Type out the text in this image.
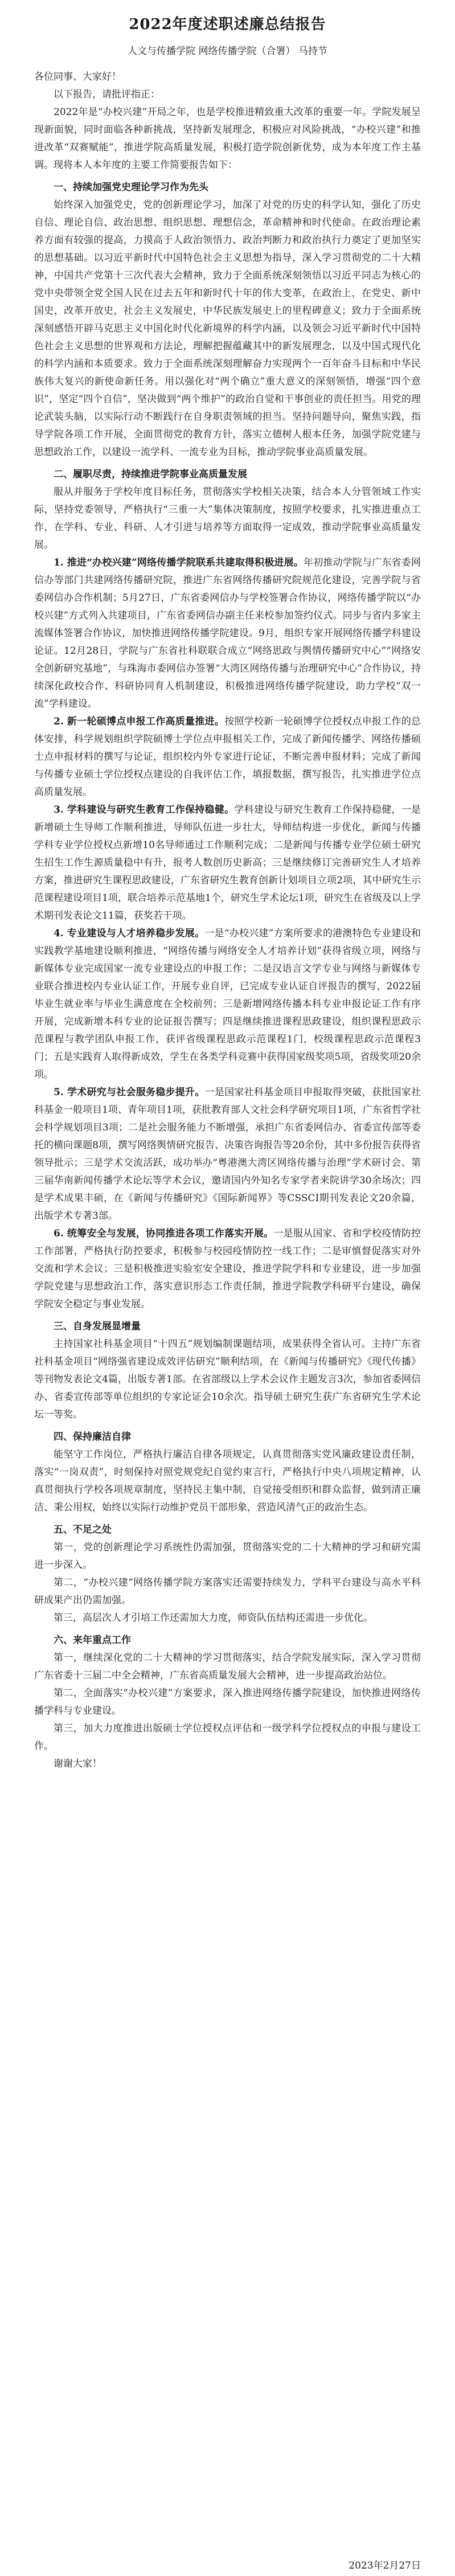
2022年度述职述廉总结报告
人文与传播学院 网络传播学院（合署） 马持节
各位同事、大家好！

以下报告，请批评指正：

2022年是“办校兴建”开局之年，也是学校推进精致重大改革的重要一年。学院发展呈现新面貌，同时面临各种新挑战，坚持新发展理念，积极应对风险挑战，“办校兴建”和推进改革“双赛赋能”，推进学院高质量发展，积极打造学院创新优势，成为本年度工作主基调。现将本人本年度的主要工作简要报告如下：

一、持续加强党史理论学习作为先头

始终深入加强党史，党的创新理论学习，加深了对党的历史的科学认知，强化了历史自信、理论自信、政治思想、组织思想、理想信念，革命精神和时代使命。在政治理论素养方面有较强的提高，力摸高于人政治领悟力、政治判断力和政治执行力奠定了更加坚实的思想基础。以习近平新时代中国特色社会主义思想为指导，深入学习贯彻党的二十大精神，中国共产党第十三次代表大会精神，致力于全面系统深刻领悟以习近平同志为核心的党中央带领全党全国人民在过去五年和新时代十年的伟大变革，在政治上，在党史、新中国史，改革开放史，社会主义发展史，中华民族发展史上的里程碑意义；致力于全面系统深刻感悟开辟马克思主义中国化时代化新境界的科学内涵，以及领会习近平新时代中国特色社会主义思想的世界观和方法论，理解把握蕴藏其中的新发展理念，以及中国式现代化的科学内涵和本质要求。致力于全面系统深刻理解奋力实现两个一百年奋斗目标和中华民族伟大复兴的新使命新任务。用以强化对“两个确立”重大意义的深刻领悟，增强“四个意识”，坚定“四个自信”，坚决做到“两个维护”的政治自觉和干事创业的责任担当。用党的理论武装头脑，以实际行动不断践行在自身职责领域的担当。坚持问题导向，聚焦实践，指导学院各项工作开展，全面贯彻党的教育方针，落实立德树人根本任务，加强学院党建与思想政治工作，以建设一流学科、一流专业为目标，推动学院事业高质量发展。

二、履职尽责，持续推进学院事业高质量发展

服从并服务于学校年度目标任务，贯彻落实学校相关决策，结合本人分管领域工作实际，坚持党委领导，严格执行“三重一大”集体决策制度，按照学校要求，扎实推进重点工作，在学科、专业、科研、人才引进与培养等方面取得一定成效，推动学院事业高质量发展。

1. 推进“办校兴建”网络传播学院联系共建取得积极进展。年初推动学院与广东省委网信办等部门共建网络传播研究院，推进广东省网络传播研究院规范化建设，完善学院与省委网信办合作机制；5月27日，广东省委网信办与学校签署合作协议，网络传播学院以“办校兴建”方式列入共建项目，广东省委网信办副主任来校参加签约仪式。同步与省内多家主流媒体签署合作协议，加快推进网络传播学院建设。9月，组织专家开展网络传播学科建设论证。12月28日，学院与广东省社科联联合成立“网络思政与舆情传播研究中心”“网络安全创新研究基地”，与珠海市委网信办签署“大湾区网络传播与治理研究中心”合作协议，持续深化政校合作、科研协同育人机制建设，积极推进网络传播学院建设，助力学校“双一流”学科建设。

2. 新一轮硕博点申报工作高质量推进。按照学校新一轮硕博学位授权点申报工作的总体安排，科学规划组织学院硕博士学位点申报相关工作，完成了新闻传播学、网络传播硕士点申报材料的撰写与论证，组织校内外专家进行论证，不断完善申报材料；完成了新闻与传播专业硕士学位授权点建设的自我评估工作，填报数据，撰写报告，扎实推进学位点高质量发展。

3. 学科建设与研究生教育工作保持稳健。学科建设与研究生教育工作保持稳健，一是新增硕士生导师工作顺利推进，导师队伍进一步壮大，导师结构进一步优化，新闻与传播学科专业学位授权点新增10名导师通过工作顺利完成；二是新闻与传播专业学位硕士研究生招生工作生源质量稳中有升，报考人数创历史新高；三是继续修订完善研究生人才培养方案，推进研究生课程思政建设，广东省研究生教育创新计划项目立项2项，其中研究生示范课程建设项目1项，联合培养示范基地1个，研究生学术论坛1项，研究生在省级及以上学术期刊发表论文11篇，获奖若干项。

4. 专业建设与人才培养稳步发展。一是“办校兴建”方案所要求的港澳特色专业建设和实践教学基地建设顺利推进，“网络传播与网络安全人才培养计划”获得省级立项，网络与新媒体专业完成国家一流专业建设点的申报工作；二是汉语言文学专业与网络与新媒体专业联合推进校内专业认证工作，开展专业自评，已完成专业认证自评报告的撰写，2022届毕业生就业率与毕业生满意度在全校前列；三是新增网络传播本科专业申报论证工作有序开展，完成新增本科专业的论证报告撰写；四是继续推进课程思政建设，组织课程思政示范课程与教学团队申报工作，获评省级课程思政示范课程1门，校级课程思政示范课程3门；五是实践育人取得新成效，学生在各类学科竞赛中获得国家级奖项5项，省级奖项20余项。

5. 学术研究与社会服务稳步提升。一是国家社科基金项目申报取得突破，获批国家社科基金一般项目1项、青年项目1项，获批教育部人文社会科学研究项目1项，广东省哲学社会科学规划项目3项；二是社会服务能力不断增强，承担广东省委网信办、省委宣传部等委托的横向课题8项，撰写网络舆情研究报告、决策咨询报告等20余份，其中多份报告获得省领导批示；三是学术交流活跃，成功举办“粤港澳大湾区网络传播与治理”学术研讨会、第三届华南新闻传播学术论坛等学术会议，邀请国内外知名专家学者来院讲学30余场次；四是学术成果丰硕，在《新闻与传播研究》《国际新闻界》等CSSCI期刊发表论文20余篇，出版学术专著3部。

6. 统筹安全与发展，协同推进各项工作落实开展。一是服从国家、省和学校疫情防控工作部署，严格执行防控要求，积极参与校园疫情防控一线工作；二是审慎督促落实对外交流和学术会议；三是积极推进实验室安全建设，推进学院学科和专业建设，进一步加强学院党建与思想政治工作，落实意识形态工作责任制，推进学院教学科研平台建设，确保学院安全稳定与事业发展。

三、自身发展显增量

主持国家社科基金项目“十四五”规划编制课题结项，成果获得全省认可。主持广东省社科基金项目“网络强省建设成效评估研究”顺利结项，在《新闻与传播研究》《现代传播》等刊物发表论文4篇，出版专著1部。在省部级以上学术会议作主题发言3次，参加省委网信办、省委宣传部等单位组织的专家论证会10余次。指导硕士研究生获广东省研究生学术论坛一等奖。

四、保持廉洁自律

能坚守工作岗位，严格执行廉洁自律各项规定，认真贯彻落实党风廉政建设责任制，落实“一岗双责”，时刻保持对照党规党纪自觉约束言行，严格执行中央八项规定精神，认真贯彻执行学校各项规章制度，坚持民主集中制，自觉接受组织和群众监督，做到清正廉洁、秉公用权，始终以实际行动维护党员干部形象，营造风清气正的政治生态。

五、不足之处

第一，党的创新理论学习系统性仍需加强，贯彻落实党的二十大精神的学习和研究需进一步深入。

第二，“办校兴建”网络传播学院方案落实还需要持续发力，学科平台建设与高水平科研成果产出仍需加强。

第三，高层次人才引培工作还需加大力度，师资队伍结构还需进一步优化。

六、来年重点工作

第一，继续深化党的二十大精神的学习贯彻落实，结合学院发展实际，深入学习贯彻广东省委十三届二中全会精神，广东省高质量发展大会精神，进一步提高政治站位。

第二，全面落实“办校兴建”方案要求，深入推进网络传播学院建设，加快推进网络传播学科与专业建设。

第三，加大力度推进出版硕士学位授权点评估和一级学科学位授权点的申报与建设工作。

谢谢大家！

2023年2月27日
